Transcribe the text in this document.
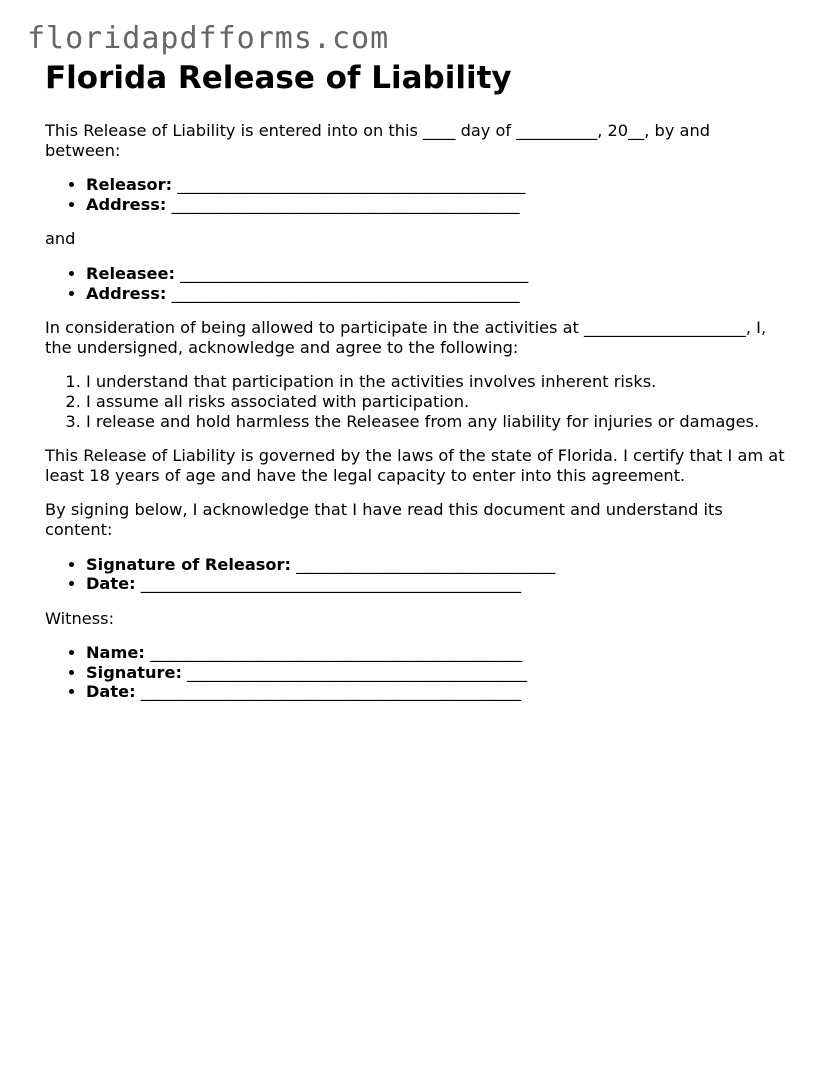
floridapdfforms.com
Florida Release of Liability

This Release of Liability is entered into on this ____ day of __________, 20__, by and between:

• Releasor: ___________________________________________
• Address: ___________________________________________

and

• Releasee: ___________________________________________
• Address: ___________________________________________

In consideration of being allowed to participate in the activities at ____________________, I, the undersigned, acknowledge and agree to the following:

1. I understand that participation in the activities involves inherent risks.
2. I assume all risks associated with participation.
3. I release and hold harmless the Releasee from any liability for injuries or damages.

This Release of Liability is governed by the laws of the state of Florida. I certify that I am at least 18 years of age and have the legal capacity to enter into this agreement.

By signing below, I acknowledge that I have read this document and understand its content:

• Signature of Releasor: ________________________________
• Date: _______________________________________________

Witness:

• Name: ______________________________________________
• Signature: __________________________________________
• Date: _______________________________________________
